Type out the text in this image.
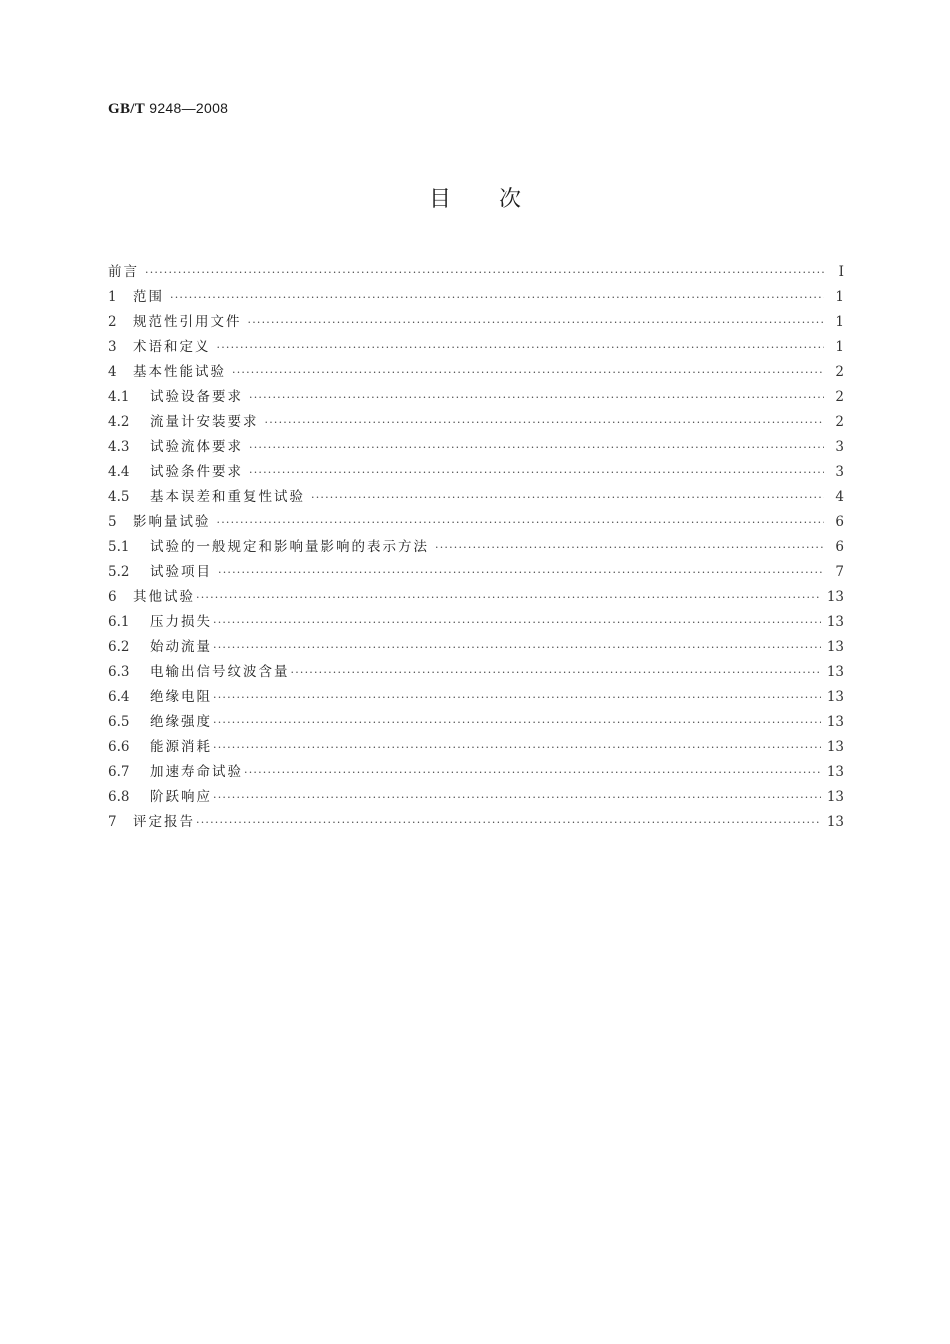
GB/T 9248—2008
目 次
前言 ·····	I
1	范围 ·····	1
2	规范性引用文件 ·····	1
3	术语和定义 ·····	1
4	基本性能试验 ·····	2
4.1	试验设备要求 ·····	2
4.2	流量计安装要求 ·····	2
4.3	试验流体要求 ·····	3
4.4	试验条件要求 ·····	3
4.5	基本误差和重复性试验 ·····	4
5	影响量试验 ·····	6
5.1	试验的一般规定和影响量影响的表示方法 ·····	6
5.2	试验项目 ·····	7
6	其他试验 ·····	13
6.1	压力损失 ·····	13
6.2	始动流量 ·····	13
6.3	电输出信号纹波含量 ·····	13
6.4	绝缘电阻 ·····	13
6.5	绝缘强度 ·····	13
6.6	能源消耗 ·····	13
6.7	加速寿命试验 ·····	13
6.8	阶跃响应 ·····	13
7	评定报告 ·····	13
